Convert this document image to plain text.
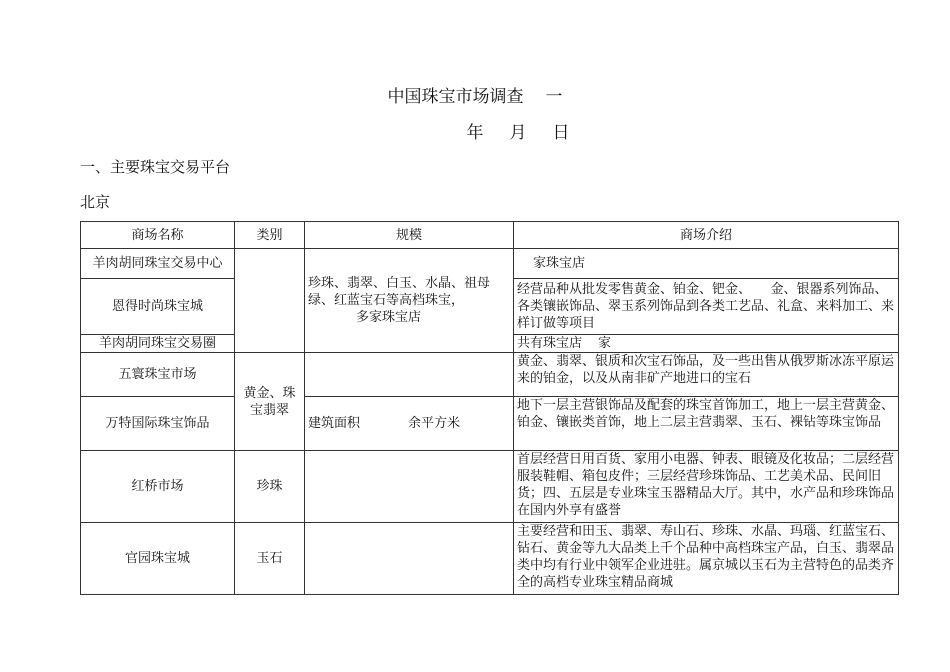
中国珠宝市场调查 一
年 月 日
一、主要珠宝交易平台
北京
商场名称	类别	规模	商场介绍
羊肉胡同珠宝交易中心		珍珠、翡翠、白玉、水晶、祖母绿、红蓝宝石等高档珠宝，多家珠宝店	家珠宝店
恩得时尚珠宝城			经营品种从批发零售黄金、铂金、钯金、　　金、银器系列饰品、各类镶嵌饰品、翠玉系列饰品到各类工艺品、礼盒、来料加工、来样订做等项目
羊肉胡同珠宝交易圈			共有珠宝店 家
五寰珠宝市场	黄金、珠宝翡翠		黄金、翡翠、银质和次宝石饰品，及一些出售从俄罗斯冰冻平原运来的铂金，以及从南非矿产地进口的宝石
万特国际珠宝饰品		建筑面积 余平方米	地下一层主营银饰品及配套的珠宝首饰加工，地上一层主营黄金、铂金、镶嵌类首饰，地上二层主营翡翠、玉石、裸钻等珠宝饰品
红桥市场	珍珠		首层经营日用百货、家用小电器、钟表、眼镜及化妆品；二层经营服装鞋帽、箱包皮件；三层经营珍珠饰品、工艺美术品、民间旧货；四、五层是专业珠宝玉器精品大厅。其中，水产品和珍珠饰品在国内外享有盛誉
官园珠宝城	玉石		主要经营和田玉、翡翠、寿山石、珍珠、水晶、玛瑙、红蓝宝石、钻石、黄金等九大品类上千个品种中高档珠宝产品，白玉、翡翠品类中均有行业中领军企业进驻。属京城以玉石为主营特色的品类齐全的高档专业珠宝精品商城
